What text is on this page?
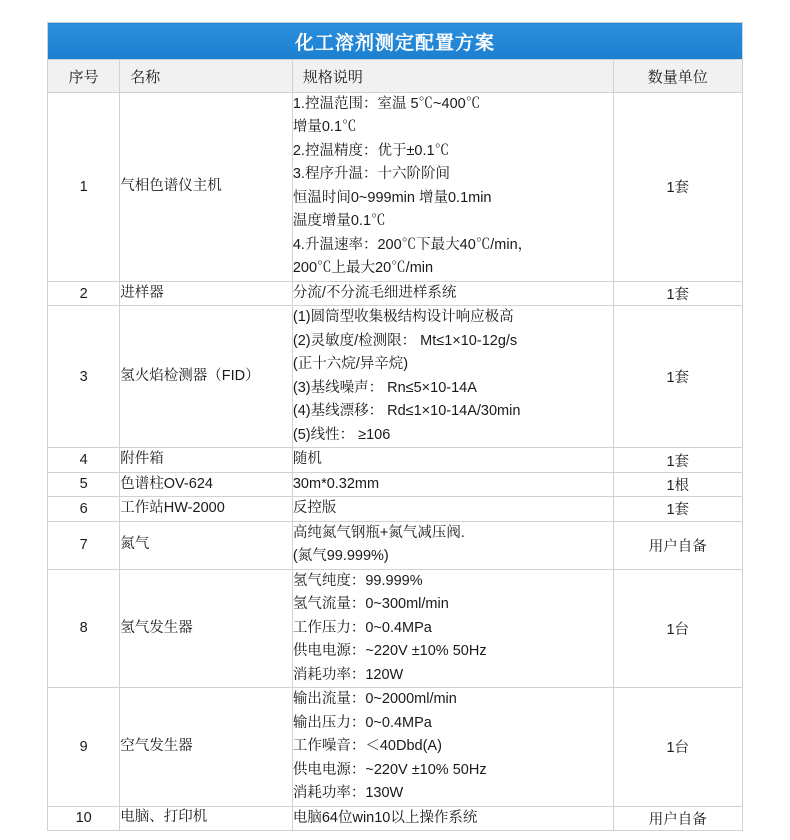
化工溶剂测定配置方案			
序号	名称	规格说明	数量单位
1	气相色谱仪主机	
1.控温范围：室温 5℃~400℃
增量0.1℃
2.控温精度：优于±0.1℃
3.程序升温：十六阶阶间
恒温时间0~999min 增量0.1min
温度增量0.1℃
4.升温速率：200℃下最大40℃/min，
200℃上最大20℃/min
	1套
2	进样器	分流/不分流毛细进样系统	1套
3	氢火焰检测器（FID）	
(1)圆筒型收集极结构设计响应极高
(2)灵敏度/检测限： Mt≤1×10-12g/s
(正十六烷/异辛烷)
(3)基线噪声： Rn≤5×10-14A
(4)基线漂移： Rd≤1×10-14A/30min
(5)线性： ≥106
	1套
4	附件箱	随机	1套
5	色谱柱OV-624	30m*0.32mm	1根
6	工作站HW-2000	反控版	1套
7	氮气	高纯氮气钢瓶+氮气减压阀.
(氮气99.999%)	用户自备
8	氢气发生器	氢气纯度：99.999%
氢气流量：0~300ml/min
工作压力：0~0.4MPa
供电电源：~220V ±10% 50Hz
消耗功率：120W	1台
9	空气发生器	输出流量：0~2000ml/min
输出压力：0~0.4MPa
工作噪音：＜40Dbd(A)
供电电源：~220V ±10% 50Hz
消耗功率：130W	1台
10	电脑、打印机	电脑64位win10以上操作系统	用户自备
